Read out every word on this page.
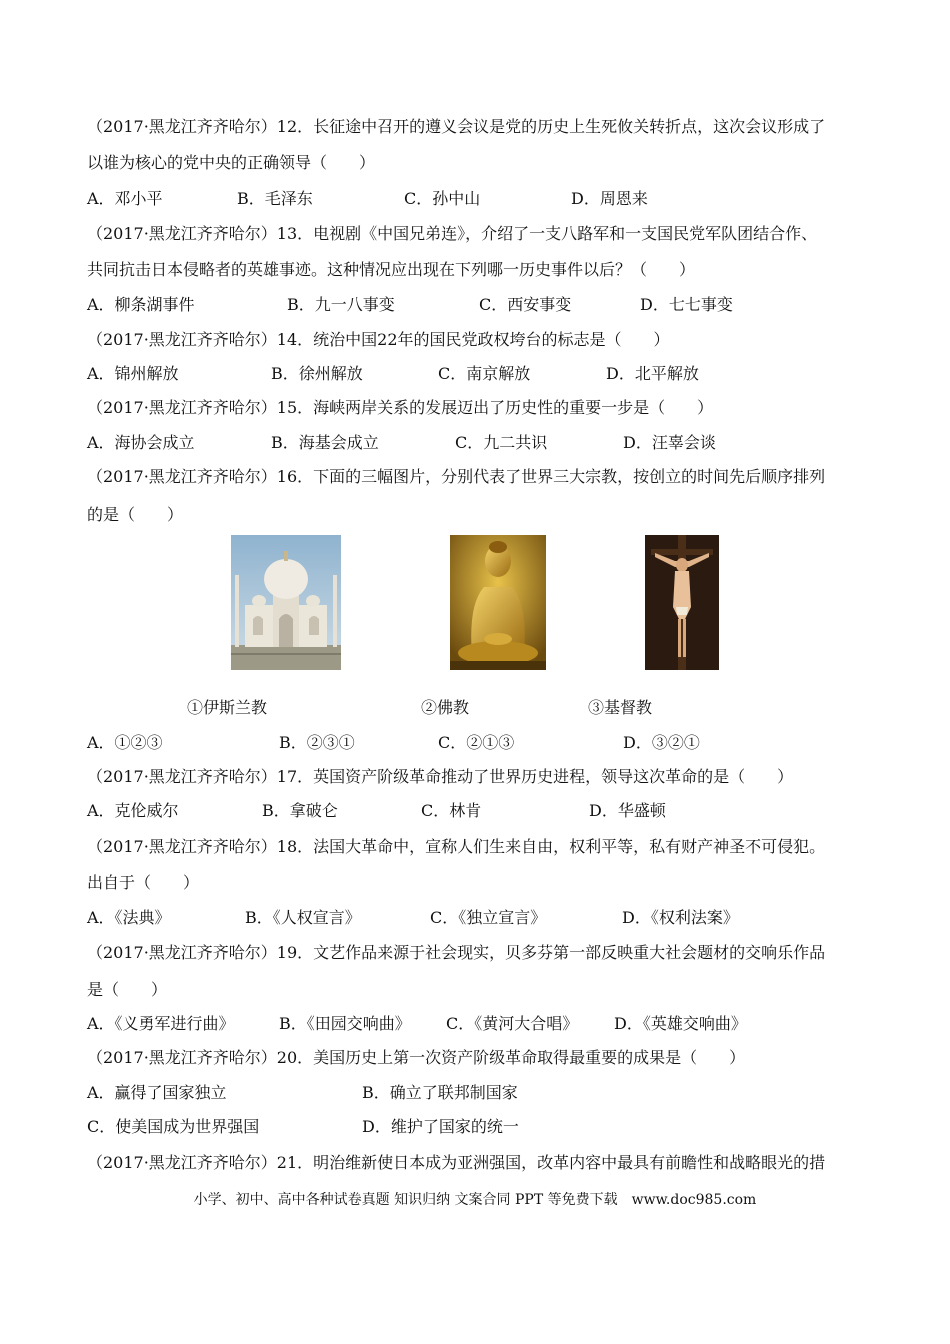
（2017·黑龙江齐齐哈尔）12．长征途中召开的遵义会议是党的历史上生死攸关转折点，这次会议形成了
以谁为核心的党中央的正确领导（　　）
A．邓小平	B．毛泽东	C．孙中山	D．周恩来
（2017·黑龙江齐齐哈尔）13．电视剧《中国兄弟连》，介绍了一支八路军和一支国民党军队团结合作、
共同抗击日本侵略者的英雄事迹。这种情况应出现在下列哪一历史事件以后？（　　）
A．柳条湖事件	B．九一八事变	C．西安事变	D．七七事变
（2017·黑龙江齐齐哈尔）14．统治中国22年的国民党政权垮台的标志是（　　）
A．锦州解放	B．徐州解放	C．南京解放	D．北平解放
（2017·黑龙江齐齐哈尔）15．海峡两岸关系的发展迈出了历史性的重要一步是（　　）
A．海协会成立	B．海基会成立	C．九二共识	D．汪辜会谈
（2017·黑龙江齐齐哈尔）16．下面的三幅图片，分别代表了世界三大宗教，按创立的时间先后顺序排列
的是（　　）
①伊斯兰教	②佛教	③基督教
A．①②③	B．②③①	C．②①③	D．③②①
（2017·黑龙江齐齐哈尔）17．英国资产阶级革命推动了世界历史进程，领导这次革命的是（　　）
A．克伦威尔	B．拿破仑	C．林肯	D．华盛顿
（2017·黑龙江齐齐哈尔）18．法国大革命中，宣称人们生来自由，权利平等，私有财产神圣不可侵犯。
出自于（　　）
A．《法典》	B．《人权宣言》	C．《独立宣言》	D．《权利法案》
（2017·黑龙江齐齐哈尔）19．文艺作品来源于社会现实，贝多芬第一部反映重大社会题材的交响乐作品
是（　　）
A．《义勇军进行曲》	B．《田园交响曲》 C．《黄河大合唱》 D．《英雄交响曲》
（2017·黑龙江齐齐哈尔）20．美国历史上第一次资产阶级革命取得最重要的成果是（　　）
A．赢得了国家独立	B．确立了联邦制国家
C．使美国成为世界强国	D．维护了国家的统一
（2017·黑龙江齐齐哈尔）21．明治维新使日本成为亚洲强国，改革内容中最具有前瞻性和战略眼光的措
小学、初中、高中各种试卷真题 知识归纳 文案合同 PPT 等免费下载　www.doc985.com
